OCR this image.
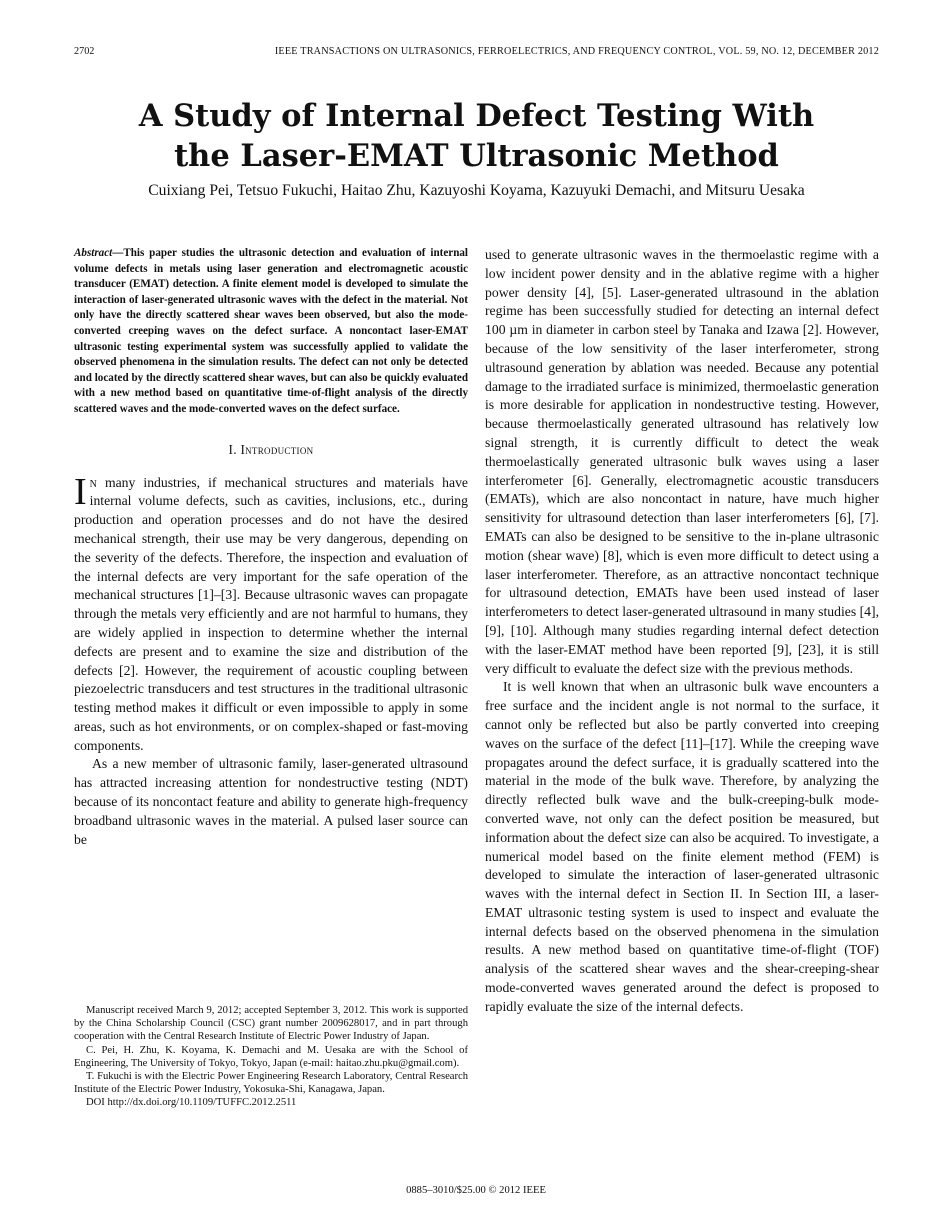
2702	IEEE TRANSACTIONS ON ULTRASONICS, FERROELECTRICS, AND FREQUENCY CONTROL, VOL. 59, NO. 12, DECEMBER 2012
A Study of Internal Defect Testing With
the Laser-EMAT Ultrasonic Method

Cuixiang Pei, Tetsuo Fukuchi, Haitao Zhu, Kazuyoshi Koyama, Kazuyuki Demachi, and Mitsuru Uesaka

Abstract—This paper studies the ultrasonic detection and evaluation of internal volume defects in metals using laser generation and electromagnetic acoustic transducer (EMAT) detection. A finite element model is developed to simulate the interaction of laser-generated ultrasonic waves with the defect in the material. Not only have the directly scattered shear waves been observed, but also the mode-converted creeping waves on the defect surface. A noncontact laser-EMAT ultrasonic testing experimental system was successfully applied to validate the observed phenomena in the simulation results. The defect can not only be detected and located by the directly scattered shear waves, but can also be quickly evaluated with a new method based on quantitative time-of-flight analysis of the directly scattered waves and the mode-converted waves on the defect surface.

I. Introduction

In many industries, if mechanical structures and materials have internal volume defects, such as cavities, inclusions, etc., during production and operation processes and do not have the desired mechanical strength, their use may be very dangerous, depending on the severity of the defects. Therefore, the inspection and evaluation of the internal defects are very important for the safe operation of the mechanical structures [1]–[3]. Because ultrasonic waves can propagate through the metals very efficiently and are not harmful to humans, they are widely applied in inspection to determine whether the internal defects are present and to examine the size and distribution of the defects [2]. However, the requirement of acoustic coupling between piezoelectric transducers and test structures in the traditional ultrasonic testing method makes it difficult or even impossible to apply in some areas, such as hot environments, or on complex-shaped or fast-moving components.

As a new member of ultrasonic family, laser-generated ultrasound has attracted increasing attention for nondestructive testing (NDT) because of its noncontact feature and ability to generate high-frequency broadband ultrasonic waves in the material. A pulsed laser source can be

used to generate ultrasonic waves in the thermoelastic regime with a low incident power density and in the ablative regime with a higher power density [4], [5]. Laser-generated ultrasound in the ablation regime has been successfully studied for detecting an internal defect 100 µm in diameter in carbon steel by Tanaka and Izawa [2]. However, because of the low sensitivity of the laser interferometer, strong ultrasound generation by ablation was needed. Because any potential damage to the irradiated surface is minimized, thermoelastic generation is more desirable for application in nondestructive testing. However, because thermoelastically generated ultrasound has relatively low signal strength, it is currently difficult to detect the weak thermoelastically generated ultrasonic bulk waves using a laser interferometer [6]. Generally, electromagnetic acoustic transducers (EMATs), which are also noncontact in nature, have much higher sensitivity for ultrasound detection than laser interferometers [6], [7]. EMATs can also be designed to be sensitive to the in-plane ultrasonic motion (shear wave) [8], which is even more difficult to detect using a laser interferometer. Therefore, as an attractive noncontact technique for ultrasound detection, EMATs have been used instead of laser interferometers to detect laser-generated ultrasound in many studies [4], [9], [10]. Although many studies regarding internal defect detection with the laser-EMAT method have been reported [9], [23], it is still very difficult to evaluate the defect size with the previous methods.

It is well known that when an ultrasonic bulk wave encounters a free surface and the incident angle is not normal to the surface, it cannot only be reflected but also be partly converted into creeping waves on the surface of the defect [11]–[17]. While the creeping wave propagates around the defect surface, it is gradually scattered into the material in the mode of the bulk wave. Therefore, by analyzing the directly reflected bulk wave and the bulk-creeping-bulk mode-converted wave, not only can the defect position be measured, but information about the defect size can also be acquired. To investigate, a numerical model based on the finite element method (FEM) is developed to simulate the interaction of laser-generated ultrasonic waves with the internal defect in Section II. In Section III, a laser- EMAT ultrasonic testing system is used to inspect and evaluate the internal defects based on the observed phenomena in the simulation results. A new method based on quantitative time-of-flight (TOF) analysis of the scattered shear waves and the shear-creeping-shear mode-converted waves generated around the defect is proposed to rapidly evaluate the size of the internal defects.

Manuscript received March 9, 2012; accepted September 3, 2012. This work is supported by the China Scholarship Council (CSC) grant number 2009628017, and in part through cooperation with the Central Research Institute of Electric Power Industry of Japan.

C. Pei, H. Zhu, K. Koyama, K. Demachi and M. Uesaka are with the School of Engineering, The University of Tokyo, Tokyo, Japan (e-mail: haitao.zhu.pku@gmail.com).

T. Fukuchi is with the Electric Power Engineering Research Laboratory, Central Research Institute of the Electric Power Industry, Yokosuka-Shi, Kanagawa, Japan.

DOI http://dx.doi.org/10.1109/TUFFC.2012.2511

0885–3010/$25.00 © 2012 IEEE
